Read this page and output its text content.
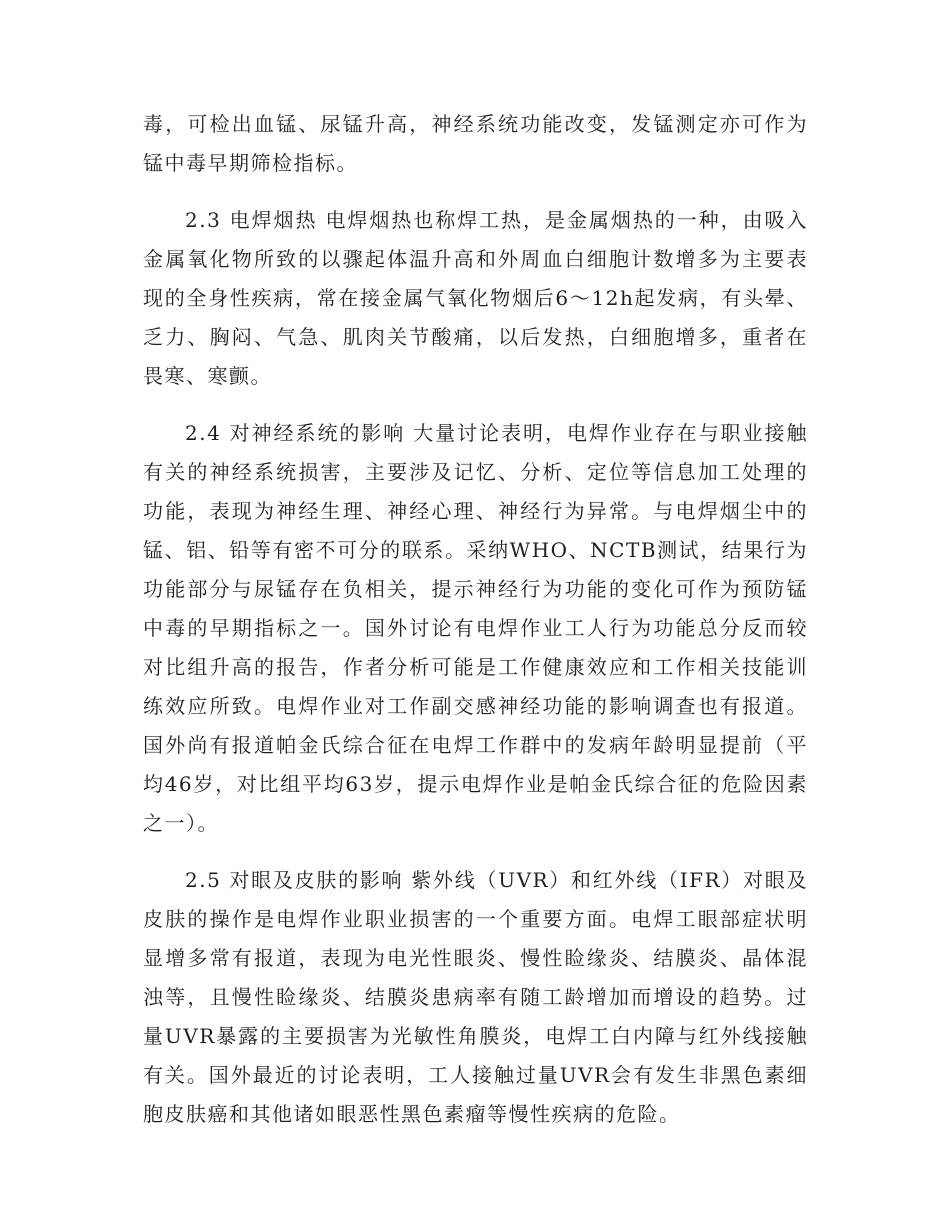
毒，可检出血锰、尿锰升高，神经系统功能改变，发锰测定亦可作为锰中毒早期筛检指标。

2.3 电焊烟热 电焊烟热也称焊工热，是金属烟热的一种，由吸入金属氧化物所致的以骤起体温升高和外周血白细胞计数增多为主要表现的全身性疾病，常在接金属气氧化物烟后6～12h起发病，有头晕、乏力、胸闷、气急、肌肉关节酸痛，以后发热，白细胞增多，重者在畏寒、寒颤。

2.4 对神经系统的影响 大量讨论表明，电焊作业存在与职业接触有关的神经系统损害，主要涉及记忆、分析、定位等信息加工处理的功能，表现为神经生理、神经心理、神经行为异常。与电焊烟尘中的锰、铝、铅等有密不可分的联系。采纳WHO、NCTB测试，结果行为功能部分与尿锰存在负相关，提示神经行为功能的变化可作为预防锰中毒的早期指标之一。国外讨论有电焊作业工人行为功能总分反而较对比组升高的报告，作者分析可能是工作健康效应和工作相关技能训练效应所致。电焊作业对工作副交感神经功能的影响调查也有报道。国外尚有报道帕金氏综合征在电焊工作群中的发病年龄明显提前（平均46岁，对比组平均63岁，提示电焊作业是帕金氏综合征的危险因素之一）。

2.5 对眼及皮肤的影响 紫外线（UVR）和红外线（IFR）对眼及皮肤的操作是电焊作业职业损害的一个重要方面。电焊工眼部症状明显增多常有报道，表现为电光性眼炎、慢性睑缘炎、结膜炎、晶体混浊等，且慢性睑缘炎、结膜炎患病率有随工龄增加而增设的趋势。过量UVR暴露的主要损害为光敏性角膜炎，电焊工白内障与红外线接触有关。国外最近的讨论表明，工人接触过量UVR会有发生非黑色素细胞皮肤癌和其他诸如眼恶性黑色素瘤等慢性疾病的危险。
